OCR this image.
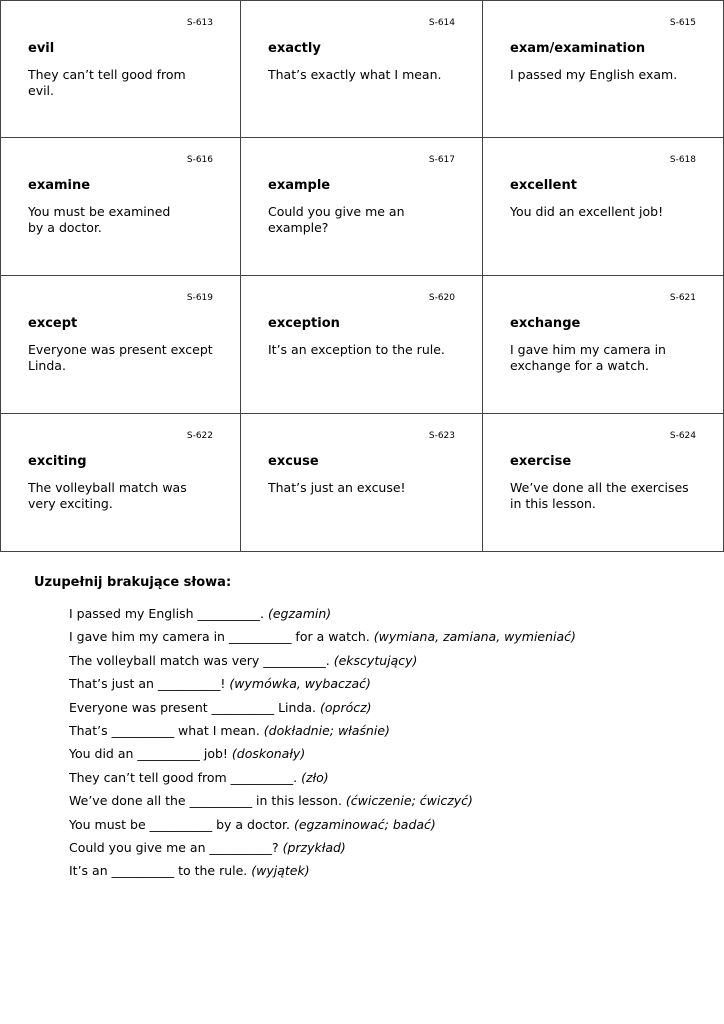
S-613
evil
They can’t tell good from evil.
S-614
exactly
That’s exactly what I mean.
S-615
exam/examination
I passed my English exam.
S-616
examine
You must be examined by a doctor.
S-617
example
Could you give me an example?
S-618
excellent
You did an excellent job!
S-619
except
Everyone was present except Linda.
S-620
exception
It’s an exception to the rule.
S-621
exchange
I gave him my camera in exchange for a watch.
S-622
exciting
The volleyball match was very exciting.
S-623
excuse
That’s just an excuse!
S-624
exercise
We’ve done all the exercises in this lesson.
Uzupełnij brakujące słowa:
I passed my English __________. (egzamin)
I gave him my camera in __________ for a watch. (wymiana, zamiana, wymieniać)
The volleyball match was very __________. (ekscytujący)
That’s just an __________! (wymówka, wybaczać)
Everyone was present __________ Linda. (oprócz)
That’s __________ what I mean. (dokładnie; właśnie)
You did an __________ job! (doskonały)
They can’t tell good from __________. (zło)
We’ve done all the __________ in this lesson. (ćwiczenie; ćwiczyć)
You must be __________ by a doctor. (egzaminować; badać)
Could you give me an __________? (przykład)
It’s an __________ to the rule. (wyjątek)
